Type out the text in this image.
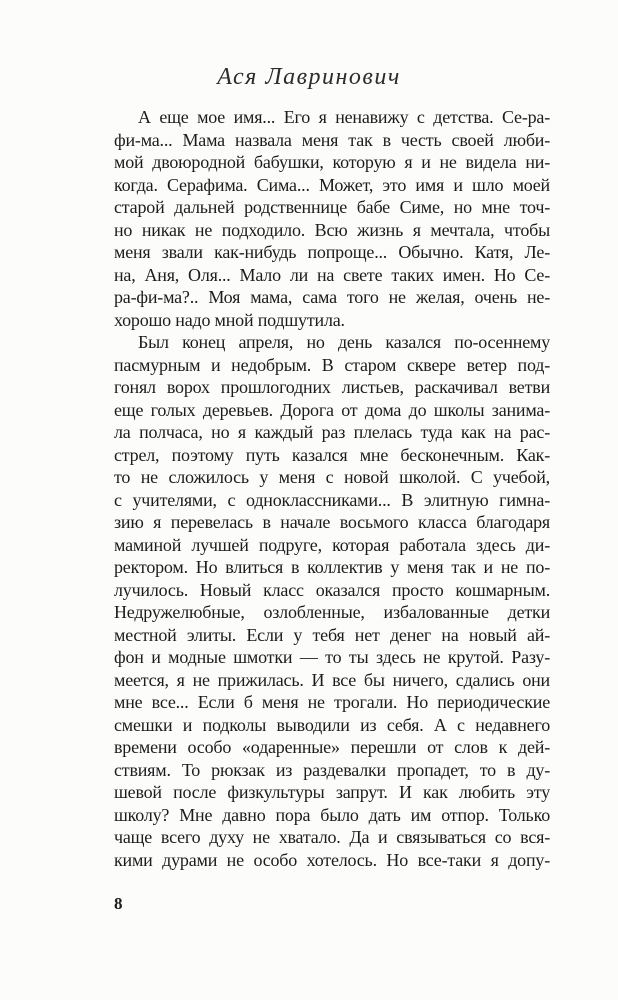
Ася Лавринович
А еще мое имя... Его я ненавижу с детства. Се-ра-
фи-ма... Мама назвала меня так в честь своей люби-
мой двоюродной бабушки, которую я и не видела ни-
когда. Серафима. Сима... Может, это имя и шло моей
старой дальней родственнице бабе Симе, но мне точ-
но никак не подходило. Всю жизнь я мечтала, чтобы
меня звали как-нибудь попроще... Обычно. Катя, Ле-
на, Аня, Оля... Мало ли на свете таких имен. Но Се-
ра-фи-ма?.. Моя мама, сама того не желая, очень не-
хорошо надо мной подшутила.
Был конец апреля, но день казался по-осеннему
пасмурным и недобрым. В старом сквере ветер под-
гонял ворох прошлогодних листьев, раскачивал ветви
еще голых деревьев. Дорога от дома до школы занима-
ла полчаса, но я каждый раз плелась туда как на рас-
стрел, поэтому путь казался мне бесконечным. Как-
то не сложилось у меня с новой школой. С учебой,
с учителями, с одноклассниками... В элитную гимна-
зию я перевелась в начале восьмого класса благодаря
маминой лучшей подруге, которая работала здесь ди-
ректором. Но влиться в коллектив у меня так и не по-
лучилось. Новый класс оказался просто кошмарным.
Недружелюбные, озлобленные, избалованные детки
местной элиты. Если у тебя нет денег на новый ай-
фон и модные шмотки — то ты здесь не крутой. Разу-
меется, я не прижилась. И все бы ничего, сдались они
мне все... Если б меня не трогали. Но периодические
смешки и подколы выводили из себя. А с недавнего
времени особо «одаренные» перешли от слов к дей-
ствиям. То рюкзак из раздевалки пропадет, то в ду-
шевой после физкультуры запрут. И как любить эту
школу? Мне давно пора было дать им отпор. Только
чаще всего духу не хватало. Да и связываться со вся-
кими дурами не особо хотелось. Но все-таки я допу-
8
